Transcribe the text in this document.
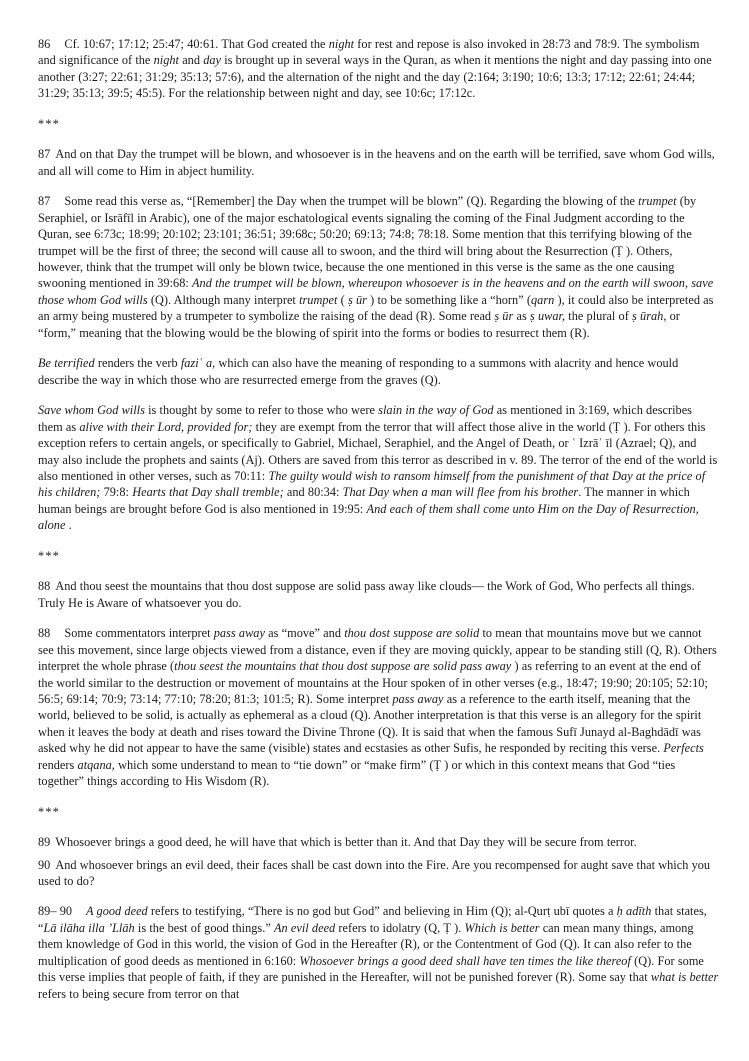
86 Cf. 10:67; 17:12; 25:47; 40:61. That God created the night for rest and repose is also invoked in 28:73 and 78:9. The symbolism and significance of the night and day is brought up in several ways in the Quran, as when it mentions the night and day passing into one another (3:27; 22:61; 31:29; 35:13; 57:6), and the alternation of the night and the day (2:164; 3:190; 10:6; 13:3; 17:12; 22:61; 24:44; 31:29; 35:13; 39:5; 45:5). For the relationship between night and day, see 10:6c; 17:12c.

***

87 And on that Day the trumpet will be blown, and whosoever is in the heavens and on the earth will be terrified, save whom God wills, and all will come to Him in abject humility.

87 Some read this verse as, “[Remember] the Day when the trumpet will be blown” (Q). Regarding the blowing of the trumpet (by Seraphiel, or Isrāfīl in Arabic), one of the major eschatological events signaling the coming of the Final Judgment according to the Quran, see 6:73c; 18:99; 20:102; 23:101; 36:51; 39:68c; 50:20; 69:13; 74:8; 78:18. Some mention that this terrifying blowing of the trumpet will be the first of three; the second will cause all to swoon, and the third will bring about the Resurrection (Ṭ ). Others, however, think that the trumpet will only be blown twice, because the one mentioned in this verse is the same as the one causing swooning mentioned in 39:68: And the trumpet will be blown, whereupon whosoever is in the heavens and on the earth will swoon, save those whom God wills (Q). Although many interpret trumpet ( ṣ ūr ) to be something like a “horn” (qarn ), it could also be interpreted as an army being mustered by a trumpeter to symbolize the raising of the dead (R). Some read ṣ ūr as ṣ uwar, the plural of ṣ ūrah, or “form,” meaning that the blowing would be the blowing of spirit into the forms or bodies to resurrect them (R).

Be terrified renders the verb faziʿ a, which can also have the meaning of responding to a summons with alacrity and hence would describe the way in which those who are resurrected emerge from the graves (Q).

Save whom God wills is thought by some to refer to those who were slain in the way of God as mentioned in 3:169, which describes them as alive with their Lord, provided for; they are exempt from the terror that will affect those alive in the world (Ṭ ). For others this exception refers to certain angels, or specifically to Gabriel, Michael, Seraphiel, and the Angel of Death, or ʿ Izrāʾ īl (Azrael; Q), and may also include the prophets and saints (Aj). Others are saved from this terror as described in v. 89. The terror of the end of the world is also mentioned in other verses, such as 70:11: The guilty would wish to ransom himself from the punishment of that Day at the price of his children; 79:8: Hearts that Day shall tremble; and 80:34: That Day when a man will flee from his brother. The manner in which human beings are brought before God is also mentioned in 19:95: And each of them shall come unto Him on the Day of Resurrection, alone .

***

88 And thou seest the mountains that thou dost suppose are solid pass away like clouds— the Work of God, Who perfects all things. Truly He is Aware of whatsoever you do.

88 Some commentators interpret pass away as “move” and thou dost suppose are solid to mean that mountains move but we cannot see this movement, since large objects viewed from a distance, even if they are moving quickly, appear to be standing still (Q, R). Others interpret the whole phrase (thou seest the mountains that thou dost suppose are solid pass away ) as referring to an event at the end of the world similar to the destruction or movement of mountains at the Hour spoken of in other verses (e.g., 18:47; 19:90; 20:105; 52:10; 56:5; 69:14; 70:9; 73:14; 77:10; 78:20; 81:3; 101:5; R). Some interpret pass away as a reference to the earth itself, meaning that the world, believed to be solid, is actually as ephemeral as a cloud (Q). Another interpretation is that this verse is an allegory for the spirit when it leaves the body at death and rises toward the Divine Throne (Q). It is said that when the famous Sufī Junayd al-Baghdādī was asked why he did not appear to have the same (visible) states and ecstasies as other Sufis, he responded by reciting this verse. Perfects renders atqana, which some understand to mean to “tie down” or “make firm” (Ṭ ) or which in this context means that God “ties together” things according to His Wisdom (R).

***

89 Whosoever brings a good deed, he will have that which is better than it. And that Day they will be secure from terror.

90 And whosoever brings an evil deed, their faces shall be cast down into the Fire. Are you recompensed for aught save that which you used to do?

89– 90 A good deed refers to testifying, “There is no god but God” and believing in Him (Q); al-Qurṭ ubī quotes a ḥ adīth that states, “Lā ilāha illa ʼLlāh is the best of good things.” An evil deed refers to idolatry (Q, Ṭ ). Which is better can mean many things, among them knowledge of God in this world, the vision of God in the Hereafter (R), or the Contentment of God (Q). It can also refer to the multiplication of good deeds as mentioned in 6:160: Whosoever brings a good deed shall have ten times the like thereof (Q). For some this verse implies that people of faith, if they are punished in the Hereafter, will not be punished forever (R). Some say that what is better refers to being secure from terror on that
